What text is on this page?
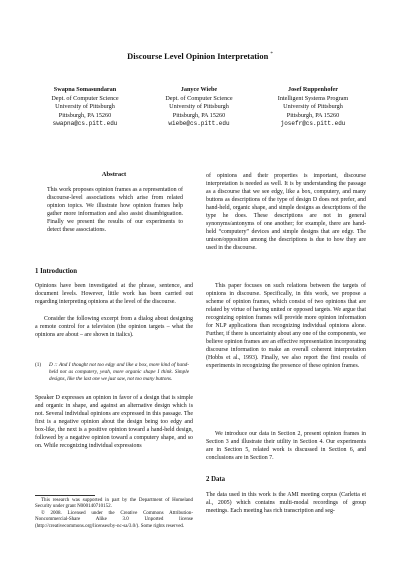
Discourse Level Opinion Interpretation *
Swapna Somasundaran
Dept. of Computer Science
University of Pittsburgh
Pittsburgh, PA 15260
swapna@cs.pitt.edu
Janyce Wiebe
Dept. of Computer Science
University of Pittsburgh
Pittsburgh, PA 15260
wiebe@cs.pitt.edu
Josef Ruppenhofer
Intelligent Systems Program
University of Pittsburgh
Pittsburgh, PA 15260
josefr@cs.pitt.edu
Abstract
This work proposes opinion frames as a representation of discourse-level associations which arise from related opinion topics. We illustrate how opinion frames help gather more information and also assist disambiguation. Finally we present the results of our experiments to detect these associations.
1 Introduction
Opinions have been investigated at the phrase, sentence, and document levels. However, little work has been carried out regarding interpreting opinions at the level of the discourse.
Consider the following excerpt from a dialog about designing a remote control for a television (the opinion targets – what the opinions are about – are shown in italics).
(1) D :: And I thought not too edgy and like a box, more kind of hand-held not as computery, yeah, more organic shape I think. Simple designs, like the last one we just saw, not too many buttons.
Speaker D expresses an opinion in favor of a design that is simple and organic in shape, and against an alternative design which is not. Several individual opinions are expressed in this passage. The first is a negative opinion about the design being too edgy and box-like, the next is a positive opinion toward a hand-held design, followed by a negative opinion toward a computery shape, and so on. While recognizing individual expressions
This research was supported in part by the Department of Homeland Security under grant N000140710152.
© 2008. Licensed under the Creative Commons Attribution-Noncommercial-Share Alike 3.0 Unported license (http://creativecommons.org/licenses/by-nc-sa/3.0/). Some rights reserved.
of opinions and their properties is important, discourse interpretation is needed as well. It is by understanding the passage as a discourse that we see edgy, like a box, computery, and many buttons as descriptions of the type of design D does not prefer, and hand-held, organic shape, and simple designs as descriptions of the type he does. These descriptions are not in general synonyms/antonyms of one another; for example, there are hand-held “computery” devices and simple designs that are edgy. The unison/opposition among the descriptions is due to how they are used in the discourse.
This paper focuses on such relations between the targets of opinions in discourse. Specifically, in this work, we propose a scheme of opinion frames, which consist of two opinions that are related by virtue of having united or opposed targets. We argue that recognizing opinion frames will provide more opinion information for NLP applications than recognizing individual opinions alone. Further, if there is uncertainty about any one of the components, we believe opinion frames are an effective representation incorporating discourse information to make an overall coherent interpretation (Hobbs et al., 1993). Finally, we also report the first results of experiments in recognizing the presence of these opinion frames.
We introduce our data in Section 2, present opinion frames in Section 3 and illustrate their utility in Section 4. Our experiments are in Section 5, related work is discussed in Section 6, and conclusions are in Section 7.
2 Data
The data used in this work is the AMI meeting corpus (Carletta et al., 2005) which contains multi-modal recordings of group meetings. Each meeting has rich transcription and seg-
